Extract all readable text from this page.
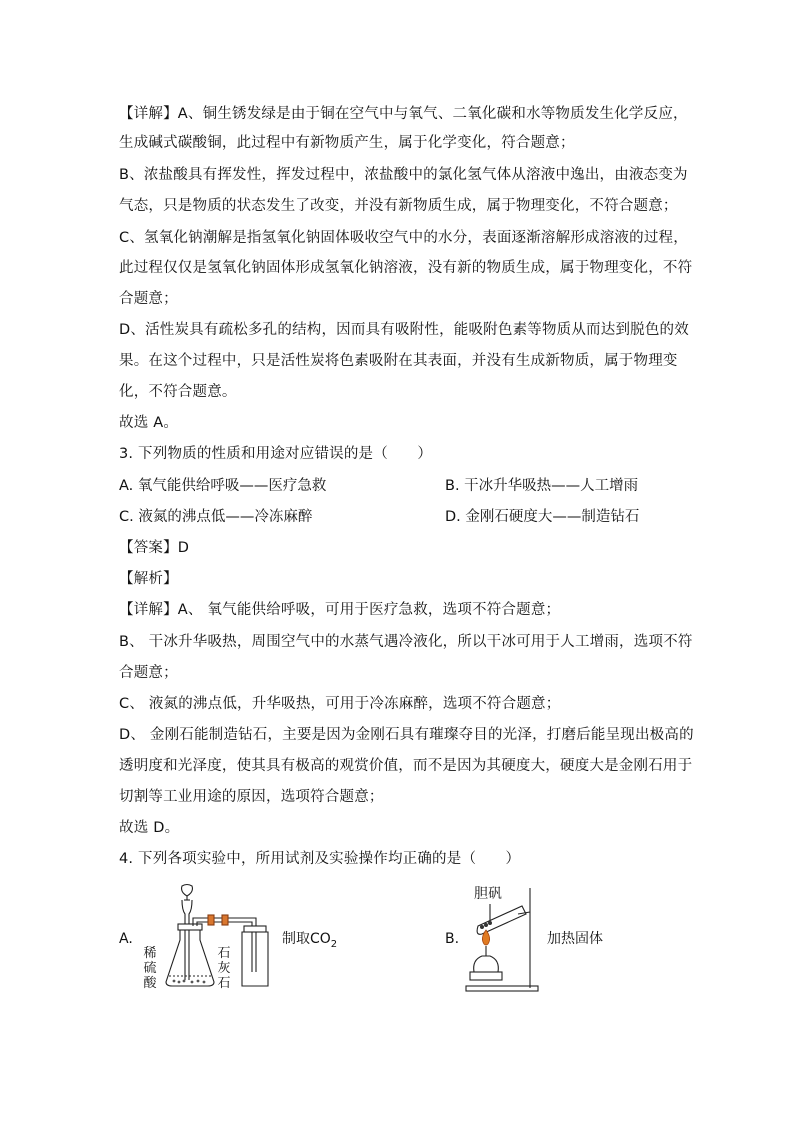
【详解】A、铜生锈发绿是由于铜在空气中与氧气、二氧化碳和水等物质发生化学反应，
生成碱式碳酸铜，此过程中有新物质产生，属于化学变化，符合题意；
B、浓盐酸具有挥发性，挥发过程中，浓盐酸中的氯化氢气体从溶液中逸出，由液态变为
气态，只是物质的状态发生了改变，并没有新物质生成，属于物理变化，不符合题意；
C、氢氧化钠潮解是指氢氧化钠固体吸收空气中的水分，表面逐渐溶解形成溶液的过程，
此过程仅仅是氢氧化钠固体形成氢氧化钠溶液，没有新的物质生成，属于物理变化，不符
合题意；
D、活性炭具有疏松多孔的结构，因而具有吸附性，能吸附色素等物质从而达到脱色的效
果。在这个过程中，只是活性炭将色素吸附在其表面，并没有生成新物质，属于物理变
化，不符合题意。
故选 A。
3. 下列物质的性质和用途对应错误的是（　　）
A. 氧气能供给呼吸——医疗急救	B. 干冰升华吸热——人工增雨
C. 液氮的沸点低——冷冻麻醉	D. 金刚石硬度大——制造钻石
【答案】D
【解析】
【详解】A、 氧气能供给呼吸，可用于医疗急救，选项不符合题意；
B、 干冰升华吸热，周围空气中的水蒸气遇冷液化，所以干冰可用于人工增雨，选项不符
合题意；
C、 液氮的沸点低，升华吸热，可用于冷冻麻醉，选项不符合题意；
D、 金刚石能制造钻石，主要是因为金刚石具有璀璨夺目的光泽，打磨后能呈现出极高的
透明度和光泽度，使其具有极高的观赏价值，而不是因为其硬度大，硬度大是金刚石用于
切割等工业用途的原因，选项符合题意；
故选 D。
4. 下列各项实验中，所用试剂及实验操作均正确的是（　　）
A.
稀
硫
酸
石
灰
石
制取$CO_2$	B.
胆矾
加热固体
